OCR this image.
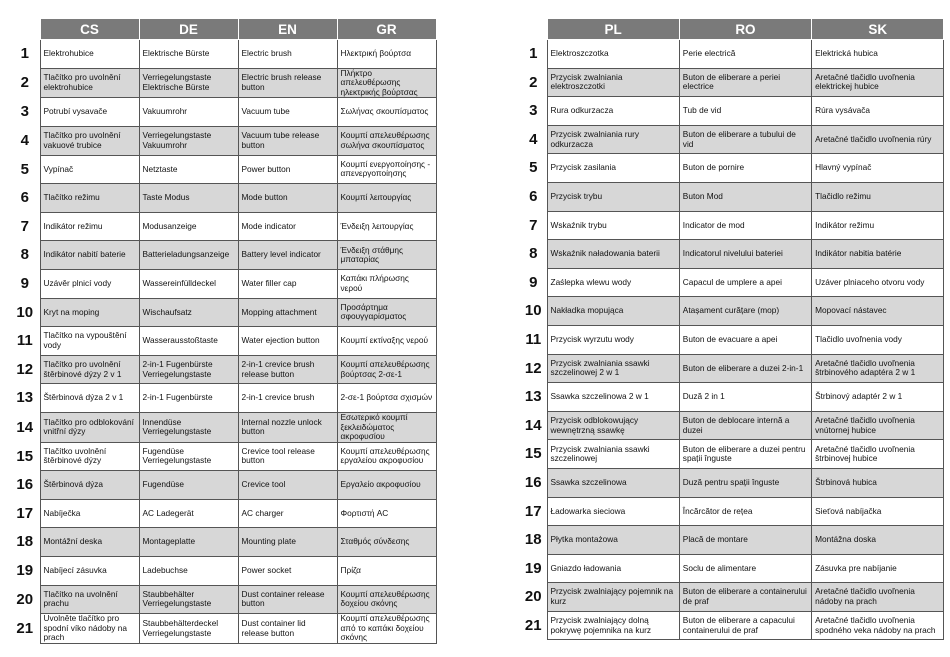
	CS	DE	EN	GR
1	Elektrohubice	Elektrische Bürste	Electric brush	Ηλεκτρική βούρτσα
2	Tlačítko pro uvolnění elektrohubice	Verriegelungstaste Elektrische Bürste	Electric brush release button	Πλήκτρο απελευθέρωσης ηλεκτρικής βούρτσας
3	Potrubí vysavače	Vakuumrohr	Vacuum tube	Σωλήνας σκουπίσματος
4	Tlačítko pro uvolnění vakuové trubice	Verriegelungstaste Vakuumrohr	Vacuum tube release button	Κουμπί απελευθέρωσης σωλήνα σκουπίσματος
5	Vypínač	Netztaste	Power button	Κουμπί ενεργοποίησης - απενεργοποίησης
6	Tlačítko režimu	Taste Modus	Mode button	Κουμπί λειτουργίας
7	Indikátor režimu	Modusanzeige	Mode indicator	Ένδειξη λειτουργίας
8	Indikátor nabití baterie	Batterieladungsanzeige	Battery level indicator	Ένδειξη στάθμης μπαταρίας
9	Uzávěr plnicí vody	Wassereinfülldeckel	Water filler cap	Καπάκι πλήρωσης νερού
10	Kryt na moping	Wischaufsatz	Mopping attachment	Προσάρτημα σφουγγαρίσματος
11	Tlačítko na vypouštění vody	Wasserausstoßtaste	Water ejection button	Κουμπί εκτίναξης νερού
12	Tlačítko pro uvolnění štěrbinové dýzy 2 v 1	2-in-1 Fugenbürste Verriegelungstaste	2-in-1 crevice brush release button	Κουμπί απελευθέρωσης βούρτσας 2-σε-1
13	Štěrbinová dýza 2 v 1	2-in-1 Fugenbürste	2-in-1 crevice brush	2-σε-1 βούρτσα σχισμών
14	Tlačítko pro odblokování vnitřní dýzy	Innendüse Verriegelungstaste	Internal nozzle unlock button	Εσωτερικό κουμπί ξεκλειδώματος ακροφυσίου
15	Tlačítko uvolnění štěrbinové dýzy	Fugendüse Verriegelungstaste	Crevice tool release button	Κουμπί απελευθέρωσης εργαλείου ακροφυσίου
16	Štěrbinová dýza	Fugendüse	Crevice tool	Εργαλείο ακροφυσίου
17	Nabíječka	AC Ladegerät	AC charger	Φορτιστή AC
18	Montážní deska	Montageplatte	Mounting plate	Σταθμός σύνδεσης
19	Nabíjecí zásuvka	Ladebuchse	Power socket	Πρίζα
20	Tlačítko na uvolnění prachu	Staubbehälter Verriegelungstaste	Dust container release button	Κουμπί απελευθέρωσης δοχείου σκόνης
21	Uvolněte tlačítko pro spodní víko nádoby na prach	Staubbehälterdeckel Verriegelungstaste	Dust container lid release button	Κουμπί απελευθέρωσης από το καπάκι δοχείου σκόνης
	PL	RO	SK
1	Elektroszczotka	Perie electrică	Elektrická hubica
2	Przycisk zwalniania elektroszczotki	Buton de eliberare a periei electrice	Aretačné tlačidlo uvoľnenia elektrickej hubice
3	Rura odkurzacza	Tub de vid	Rúra vysávača
4	Przycisk zwalniania rury odkurzacza	Buton de eliberare a tubului de vid	Aretačné tlačidlo uvoľnenia rúry
5	Przycisk zasilania	Buton de pornire	Hlavný vypínač
6	Przycisk trybu	Buton Mod	Tlačidlo režimu
7	Wskaźnik trybu	Indicator de mod	Indikátor režimu
8	Wskaźnik naładowania baterii	Indicatorul nivelului bateriei	Indikátor nabitia batérie
9	Zaślepka wlewu wody	Capacul de umplere a apei	Uzáver plniaceho otvoru vody
10	Nakładka mopująca	Atașament curățare (mop)	Mopovací nástavec
11	Przycisk wyrzutu wody	Buton de evacuare a apei	Tlačidlo uvoľnenia vody
12	Przycisk zwalniania ssawki szczelinowej 2 w 1	Buton de eliberare a duzei 2-in-1	Aretačné tlačidlo uvoľnenia štrbinového adaptéra 2 w 1
13	Ssawka szczelinowa 2 w 1	Duză 2 in 1	Štrbinový adaptér 2 w 1
14	Przycisk odblokowujący wewnętrzną ssawkę	Buton de deblocare internă a duzei	Aretačné tlačidlo uvoľnenia vnútornej hubice
15	Przycisk zwalniania ssawki szczelinowej	Buton de eliberare a duzei pentru spații înguste	Aretačné tlačidlo uvoľnenia štrbinovej hubice
16	Ssawka szczelinowa	Duză pentru spații înguste	Štrbinová hubica
17	Ładowarka sieciowa	Încărcător de rețea	Sieťová nabíjačka
18	Płytka montażowa	Placă de montare	Montážna doska
19	Gniazdo ładowania	Soclu de alimentare	Zásuvka pre nabíjanie
20	Przycisk zwalniający pojemnik na kurz	Buton de eliberare a containerului de praf	Aretačné tlačidlo uvoľnenia nádoby na prach
21	Przycisk zwalniający dolną pokrywę pojemnika na kurz	Buton de eliberare a capacului containerului de praf	Aretačné tlačidlo uvoľnenia spodného veka nádoby na prach
